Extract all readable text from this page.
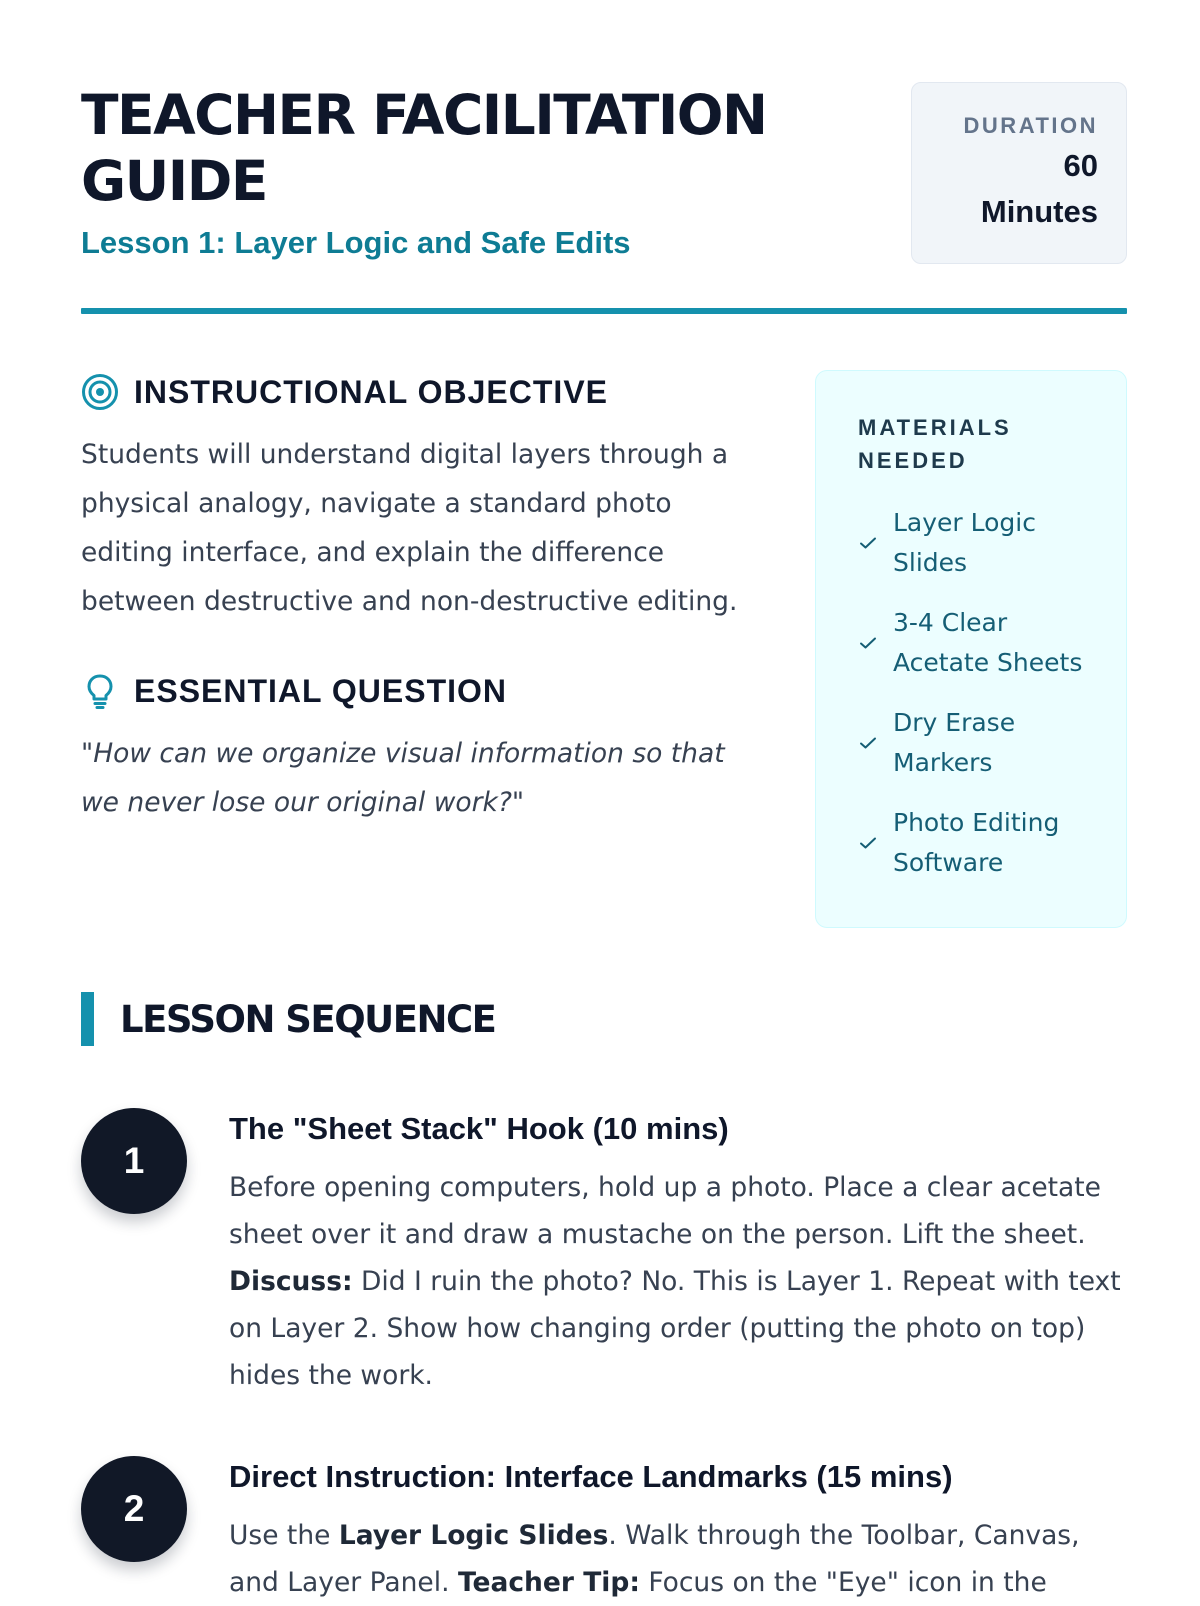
TEACHER FACILITATION
GUIDE

Lesson 1: Layer Logic and Safe Edits

DURATION
60
Minutes
INSTRUCTIONAL OBJECTIVE

Students will understand digital layers through a physical analogy, navigate a standard photo editing interface, and explain the difference between destructive and non-destructive editing.

ESSENTIAL QUESTION

"How can we organize visual information so that we never lose our original work?"

MATERIALS NEEDED
Layer Logic Slides
3-4 Clear Acetate Sheets
Dry Erase Markers
Photo Editing Software
LESSON SEQUENCE
1
The "Sheet Stack" Hook (10 mins)

Before opening computers, hold up a photo. Place a clear acetate sheet over it and draw a mustache on the person. Lift the sheet. Discuss: Did I ruin the photo? No. This is Layer 1. Repeat with text on Layer 2. Show how changing order (putting the photo on top) hides the work.

2
Direct Instruction: Interface Landmarks (15 mins)

Use the Layer Logic Slides. Walk through the Toolbar, Canvas, and Layer Panel. Teacher Tip: Focus on the "Eye" icon in the
